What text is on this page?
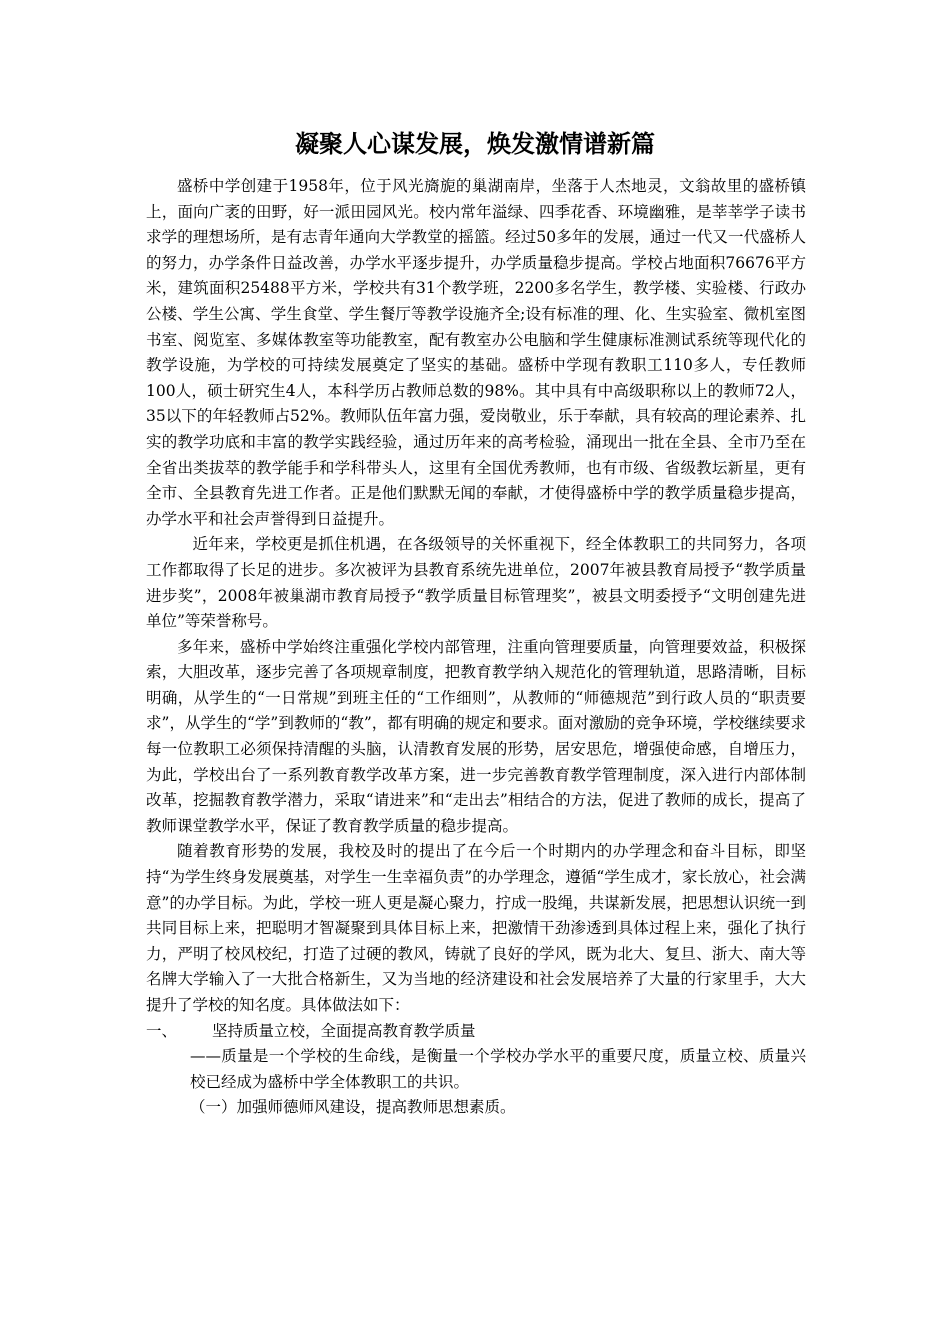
凝聚人心谋发展，焕发激情谱新篇

盛桥中学创建于1958年，位于风光旖旎的巢湖南岸，坐落于人杰地灵，文翁故里的盛桥镇上，面向广袤的田野，好一派田园风光。校内常年溢绿、四季花香、环境幽雅，是莘莘学子读书求学的理想场所，是有志青年通向大学教堂的摇篮。经过50多年的发展，通过一代又一代盛桥人的努力，办学条件日益改善，办学水平逐步提升，办学质量稳步提高。学校占地面积76676平方米，建筑面积25488平方米，学校共有31个教学班，2200多名学生，教学楼、实验楼、行政办公楼、学生公寓、学生食堂、学生餐厅等教学设施齐全;设有标准的理、化、生实验室、微机室图书室、阅览室、多媒体教室等功能教室，配有教室办公电脑和学生健康标准测试系统等现代化的教学设施，为学校的可持续发展奠定了坚实的基础。盛桥中学现有教职工110多人，专任教师100人，硕士研究生4人，本科学历占教师总数的98%。其中具有中高级职称以上的教师72人，35以下的年轻教师占52%。教师队伍年富力强，爱岗敬业，乐于奉献，具有较高的理论素养、扎实的教学功底和丰富的教学实践经验，通过历年来的高考检验，涌现出一批在全县、全市乃至在全省出类拔萃的教学能手和学科带头人，这里有全国优秀教师，也有市级、省级教坛新星，更有全市、全县教育先进工作者。正是他们默默无闻的奉献，才使得盛桥中学的教学质量稳步提高，办学水平和社会声誉得到日益提升。

近年来，学校更是抓住机遇，在各级领导的关怀重视下，经全体教职工的共同努力，各项工作都取得了长足的进步。多次被评为县教育系统先进单位，2007年被县教育局授予“教学质量进步奖”，2008年被巢湖市教育局授予“教学质量目标管理奖”，被县文明委授予“文明创建先进单位”等荣誉称号。

多年来，盛桥中学始终注重强化学校内部管理，注重向管理要质量，向管理要效益，积极探索，大胆改革，逐步完善了各项规章制度，把教育教学纳入规范化的管理轨道，思路清晰，目标明确，从学生的“一日常规”到班主任的“工作细则”，从教师的“师德规范”到行政人员的“职责要求”，从学生的“学”到教师的“教”，都有明确的规定和要求。面对激励的竞争环境，学校继续要求每一位教职工必须保持清醒的头脑，认清教育发展的形势，居安思危，增强使命感，自增压力，为此，学校出台了一系列教育教学改革方案，进一步完善教育教学管理制度，深入进行内部体制改革，挖掘教育教学潜力，采取“请进来”和“走出去”相结合的方法，促进了教师的成长，提高了教师课堂教学水平，保证了教育教学质量的稳步提高。

随着教育形势的发展，我校及时的提出了在今后一个时期内的办学理念和奋斗目标，即坚持“为学生终身发展奠基，对学生一生幸福负责”的办学理念，遵循“学生成才，家长放心，社会满意”的办学目标。为此，学校一班人更是凝心聚力，拧成一股绳，共谋新发展，把思想认识统一到共同目标上来，把聪明才智凝聚到具体目标上来，把激情干劲渗透到具体过程上来，强化了执行力，严明了校风校纪，打造了过硬的教风，铸就了良好的学风，既为北大、复旦、浙大、南大等名牌大学输入了一大批合格新生，又为当地的经济建设和社会发展培养了大量的行家里手，大大提升了学校的知名度。具体做法如下：

一、	坚持质量立校，全面提高教育教学质量

——质量是一个学校的生命线，是衡量一个学校办学水平的重要尺度，质量立校、质量兴校已经成为盛桥中学全体教职工的共识。

（一）加强师德师风建设，提高教师思想素质。
